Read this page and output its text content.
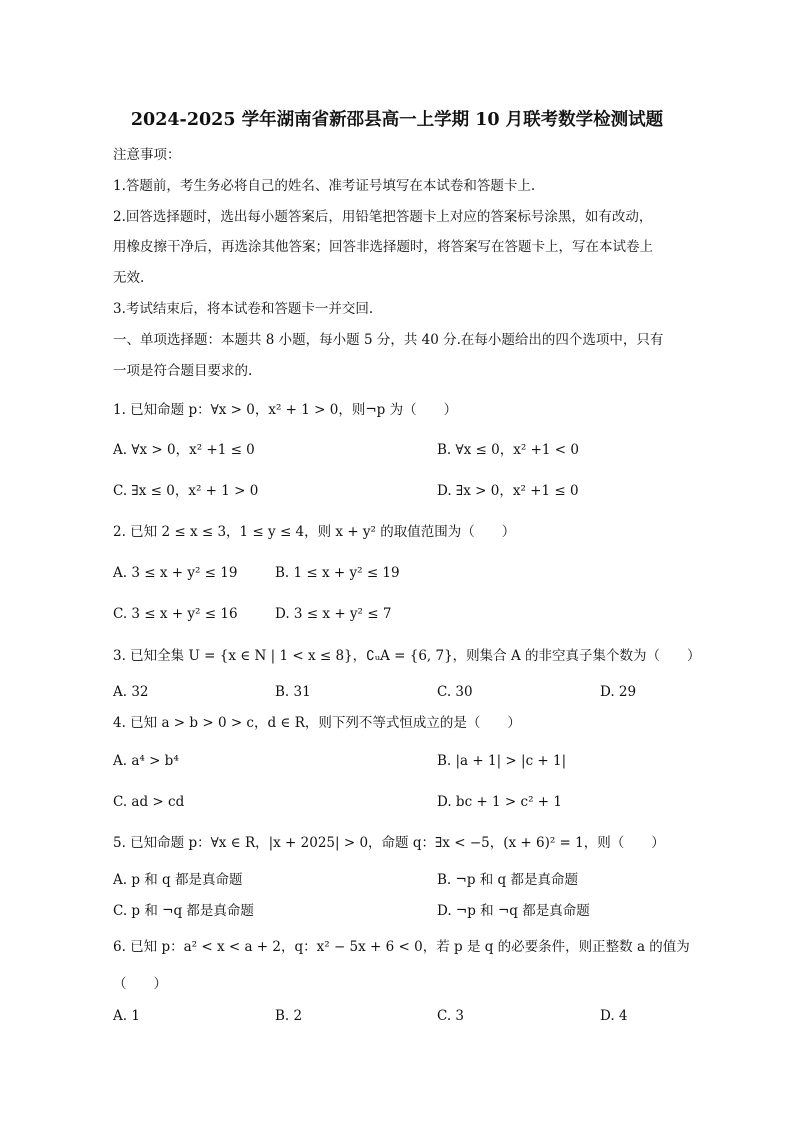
2024-2025 学年湖南省新邵县高一上学期 10 月联考数学检测试题
注意事项：
1.答题前，考生务必将自己的姓名、准考证号填写在本试卷和答题卡上.
2.回答选择题时，选出每小题答案后，用铅笔把答题卡上对应的答案标号涂黑，如有改动，
用橡皮擦干净后，再选涂其他答案；回答非选择题时，将答案写在答题卡上，写在本试卷上
无效.
3.考试结束后，将本试卷和答题卡一并交回.
一、单项选择题：本题共 8 小题，每小题 5 分，共 40 分.在每小题给出的四个选项中，只有
一项是符合题目要求的.
1. 已知命题 p：∀x > 0，x² + 1 > 0，则¬p 为（　　）
A. ∀x > 0，x² +1 ≤ 0	B. ∀x ≤ 0，x² +1 < 0
C. ∃x ≤ 0，x² + 1 > 0	D. ∃x > 0，x² +1 ≤ 0
2. 已知 2 ≤ x ≤ 3，1 ≤ y ≤ 4，则 x + y² 的取值范围为（　　）
A. 3 ≤ x + y² ≤ 19	B. 1 ≤ x + y² ≤ 19
C. 3 ≤ x + y² ≤ 16	D. 3 ≤ x + y² ≤ 7
3. 已知全集 U = {x ∈ N | 1 < x ≤ 8}，∁ᵤA = {6, 7}，则集合 A 的非空真子集个数为（　　）
A. 32	B. 31	C. 30	D. 29
4. 已知 a > b > 0 > c，d ∈ R，则下列不等式恒成立的是（　　）
A. a⁴ > b⁴	B. |a + 1| > |c + 1|
C. ad > cd	D. bc + 1 > c² + 1
5. 已知命题 p：∀x ∈ R，|x + 2025| > 0，命题 q：∃x < −5，(x + 6)² = 1，则（　　）
A. p 和 q 都是真命题	B. ¬p 和 q 都是真命题
C. p 和 ¬q 都是真命题	D. ¬p 和 ¬q 都是真命题
6. 已知 p：a² < x < a + 2，q：x² − 5x + 6 < 0，若 p 是 q 的必要条件，则正整数 a 的值为
（　　）
A. 1	B. 2	C. 3	D. 4
